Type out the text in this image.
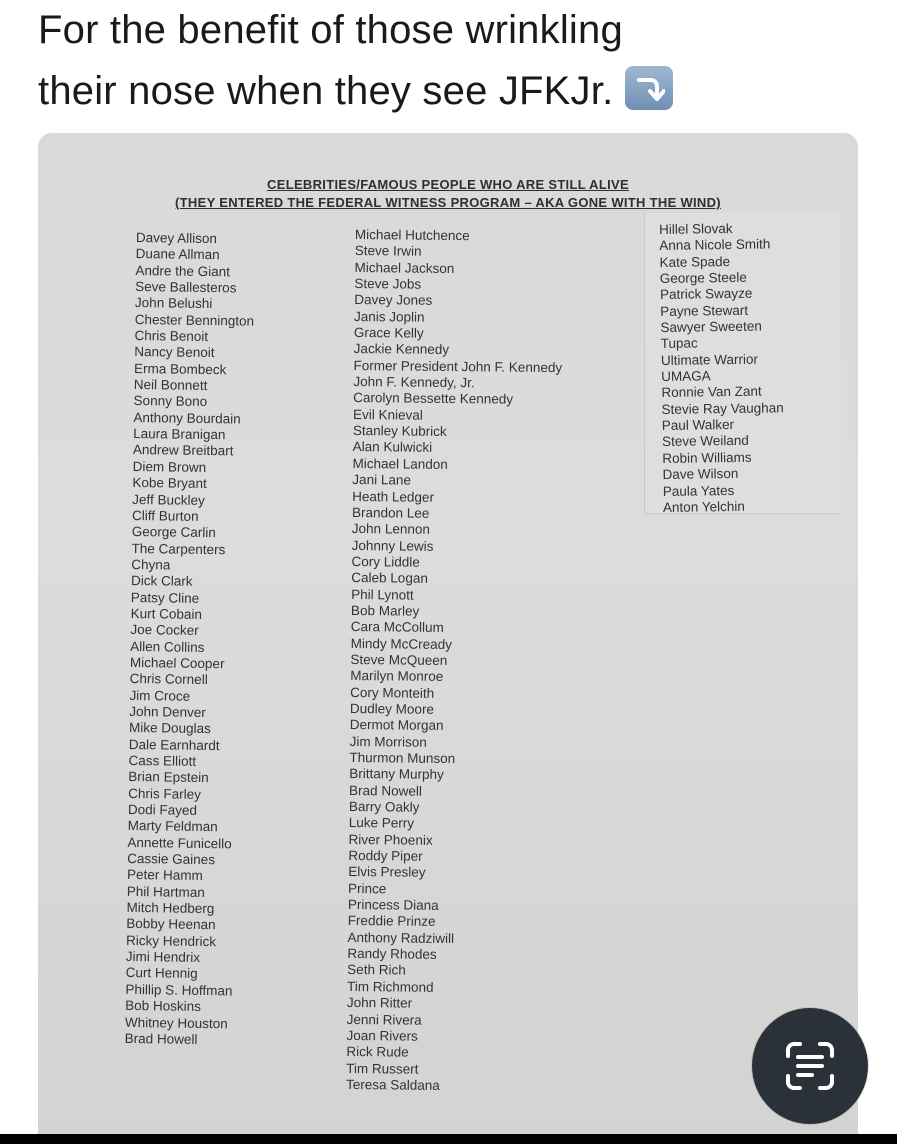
For the benefit of those wrinkling
their nose when they see JFKJr.
CELEBRITIES/FAMOUS PEOPLE WHO ARE STILL ALIVE
(THEY ENTERED THE FEDERAL WITNESS PROGRAM – AKA GONE WITH THE WIND)
Davey Allison
Duane Allman
Andre the Giant
Seve Ballesteros
John Belushi
Chester Bennington
Chris Benoit
Nancy Benoit
Erma Bombeck
Neil Bonnett
Sonny Bono
Anthony Bourdain
Laura Branigan
Andrew Breitbart
Diem Brown
Kobe Bryant
Jeff Buckley
Cliff Burton
George Carlin
The Carpenters
Chyna
Dick Clark
Patsy Cline
Kurt Cobain
Joe Cocker
Allen Collins
Michael Cooper
Chris Cornell
Jim Croce
John Denver
Mike Douglas
Dale Earnhardt
Cass Elliott
Brian Epstein
Chris Farley
Dodi Fayed
Marty Feldman
Annette Funicello
Cassie Gaines
Peter Hamm
Phil Hartman
Mitch Hedberg
Bobby Heenan
Ricky Hendrick
Jimi Hendrix
Curt Hennig
Phillip S. Hoffman
Bob Hoskins
Whitney Houston
Brad Howell
Michael Hutchence
Steve Irwin
Michael Jackson
Steve Jobs
Davey Jones
Janis Joplin
Grace Kelly
Jackie Kennedy
Former President John F. Kennedy
John F. Kennedy, Jr.
Carolyn Bessette Kennedy
Evil Knieval
Stanley Kubrick
Alan Kulwicki
Michael Landon
Jani Lane
Heath Ledger
Brandon Lee
John Lennon
Johnny Lewis
Cory Liddle
Caleb Logan
Phil Lynott
Bob Marley
Cara McCollum
Mindy McCready
Steve McQueen
Marilyn Monroe
Cory Monteith
Dudley Moore
Dermot Morgan
Jim Morrison
Thurmon Munson
Brittany Murphy
Brad Nowell
Barry Oakly
Luke Perry
River Phoenix
Roddy Piper
Elvis Presley
Prince
Princess Diana
Freddie Prinze
Anthony Radziwill
Randy Rhodes
Seth Rich
Tim Richmond
John Ritter
Jenni Rivera
Joan Rivers
Rick Rude
Tim Russert
Teresa Saldana
Hillel Slovak
Anna Nicole Smith
Kate Spade
George Steele
Patrick Swayze
Payne Stewart
Sawyer Sweeten
Tupac
Ultimate Warrior
UMAGA
Ronnie Van Zant
Stevie Ray Vaughan
Paul Walker
Steve Weiland
Robin Williams
Dave Wilson
Paula Yates
Anton Yelchin
